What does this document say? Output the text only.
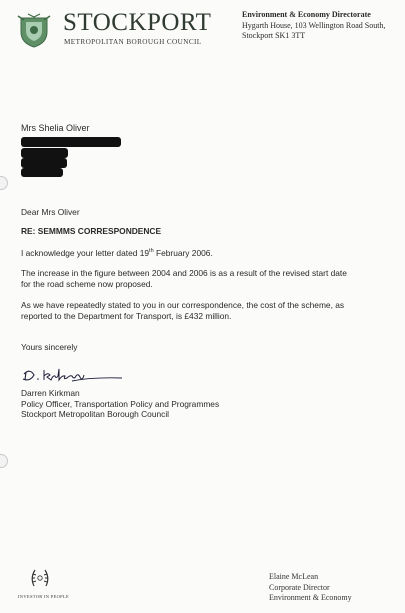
STOCKPORT
METROPOLITAN BOROUGH COUNCIL
Environment & Economy Directorate
Hygarth House, 103 Wellington Road South,
Stockport SK1 3TT
Mrs Shelia Oliver
Dear Mrs Oliver
RE: SEMMMS CORRESPONDENCE
I acknowledge your letter dated 19th February 2006.
The increase in the figure between 2004 and 2006 is as a result of the revised start date
for the road scheme now proposed.
As we have repeatedly stated to you in our correspondence, the cost of the scheme, as
reported to the Department for Transport, is £432 million.
Yours sincerely
Darren Kirkman
Policy Officer, Transportation Policy and Programmes
Stockport Metropolitan Borough Council
INVESTOR IN PEOPLE
Elaine McLean
Corporate Director
Environment & Economy
